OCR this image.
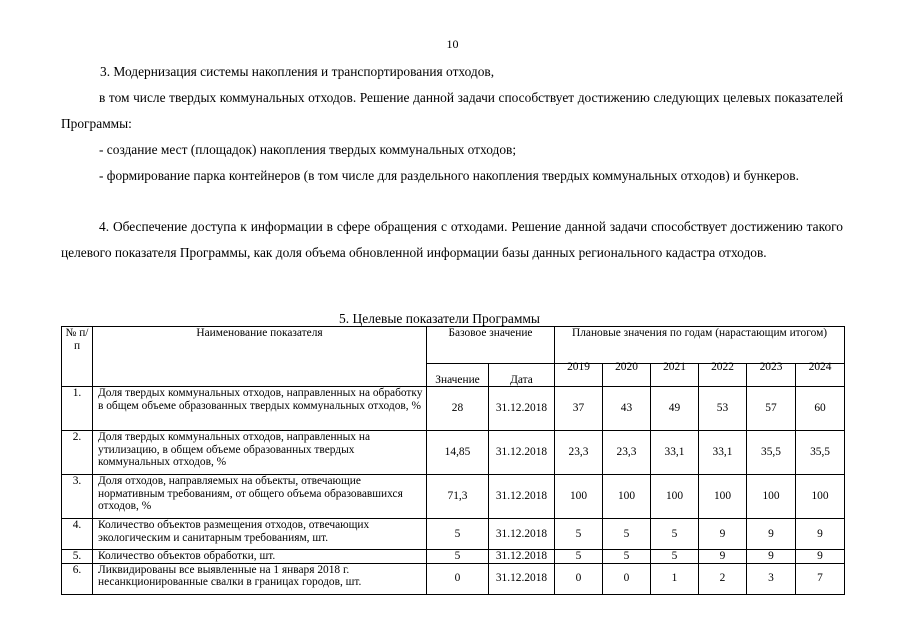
10

3. Модернизация системы накопления и транспортирования отходов,

в том числе твердых коммунальных отходов. Решение данной задачи способствует достижению следующих целевых показателей Программы:

- создание мест (площадок) накопления твердых коммунальных отходов;

- формирование парка контейнеров (в том числе для раздельного накопления твердых коммунальных отходов) и бункеров.

4. Обеспечение доступа к информации в сфере обращения с отходами. Решение данной задачи способствует достижению такого целевого показателя Программы, как доля объема обновленной информации базы данных регионального кадастра отходов.

5. Целевые показатели Программы
№ п/п	Наименование показателя	Базовое значение		Плановые значения по годам (нарастающим итогом)					
		Значение	Дата	2019	2020	2021	2022	2023	2024
1.	Доля твердых коммунальных отходов, направленных на обработку в общем объеме образованных твердых коммунальных отходов, %	28	31.12.2018	37	43	49	53	57	60
2.	Доля твердых коммунальных отходов, направленных на утилизацию, в общем объеме образованных твердых коммунальных отходов, %	14,85	31.12.2018	23,3	23,3	33,1	33,1	35,5	35,5
3.	Доля отходов, направляемых на объекты, отвечающие нормативным требованиям, от общего объема образовавшихся отходов, %	71,3	31.12.2018	100	100	100	100	100	100
4.	Количество объектов размещения отходов, отвечающих экологическим и санитарным требованиям, шт.	5	31.12.2018	5	5	5	9	9	9
5.	Количество объектов обработки, шт.	5	31.12.2018	5	5	5	9	9	9
6.	Ликвидированы все выявленные на 1 января 2018 г. несанкционированные свалки в границах городов, шт.	0	31.12.2018	0	0	1	2	3	7
